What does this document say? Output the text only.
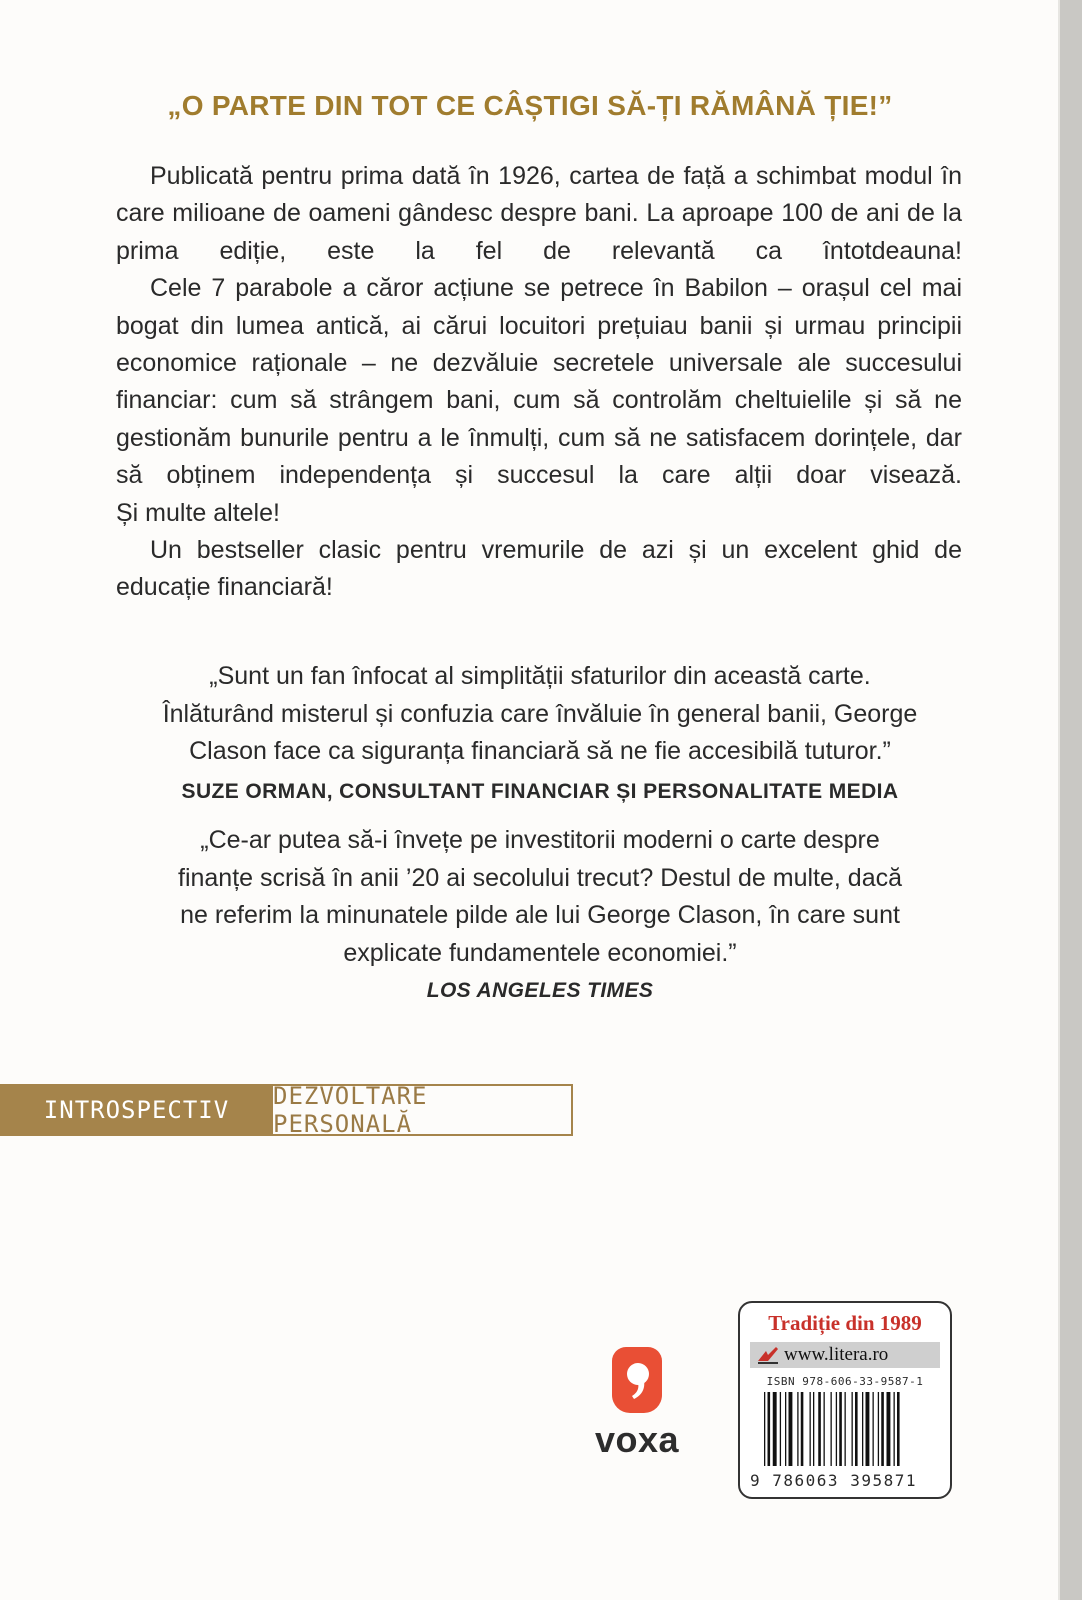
„O PARTE DIN TOT CE CÂȘTIGI SĂ-ȚI RĂMÂNĂ ȚIE!”

Publicată pentru prima dată în 1926, cartea de față a schimbat modul în care milioane de oameni gândesc despre bani. La aproape 100 de ani de la prima ediție, este la fel de relevantă ca întotdeauna!

Cele 7 parabole a căror acțiune se petrece în Babilon – orașul cel mai bogat din lumea antică, ai cărui locuitori prețuiau banii și urmau principii economice raționale – ne dezvăluie secretele universale ale succesului financiar: cum să strângem bani, cum să controlăm cheltuielile și să ne gestionăm bunurile pentru a le înmulți, cum să ne satisfacem dorințele, dar să obținem independența și succesul la care alții doar visează.

Și multe altele!

Un bestseller clasic pentru vremurile de azi și un excelent ghid de educație financiară!

„Sunt un fan înfocat al simplității sfaturilor din această carte.

Înlăturând misterul și confuzia care învăluie în general banii, George

Clason face ca siguranța financiară să ne fie accesibilă tuturor.”

SUZE ORMAN, CONSULTANT FINANCIAR ȘI PERSONALITATE MEDIA

„Ce-ar putea să-i învețe pe investitorii moderni o carte despre

finanțe scrisă în anii ’20 ai secolului trecut? Destul de multe, dacă

ne referim la minunatele pilde ale lui George Clason, în care sunt

explicate fundamentele economiei.”

LOS ANGELES TIMES

INTROSPECTIV	DEZVOLTARE PERSONALĂ
voxa
Tradiție din 1989
www.litera.ro
ISBN 978-606-33-9587-1
9 786063 395871
